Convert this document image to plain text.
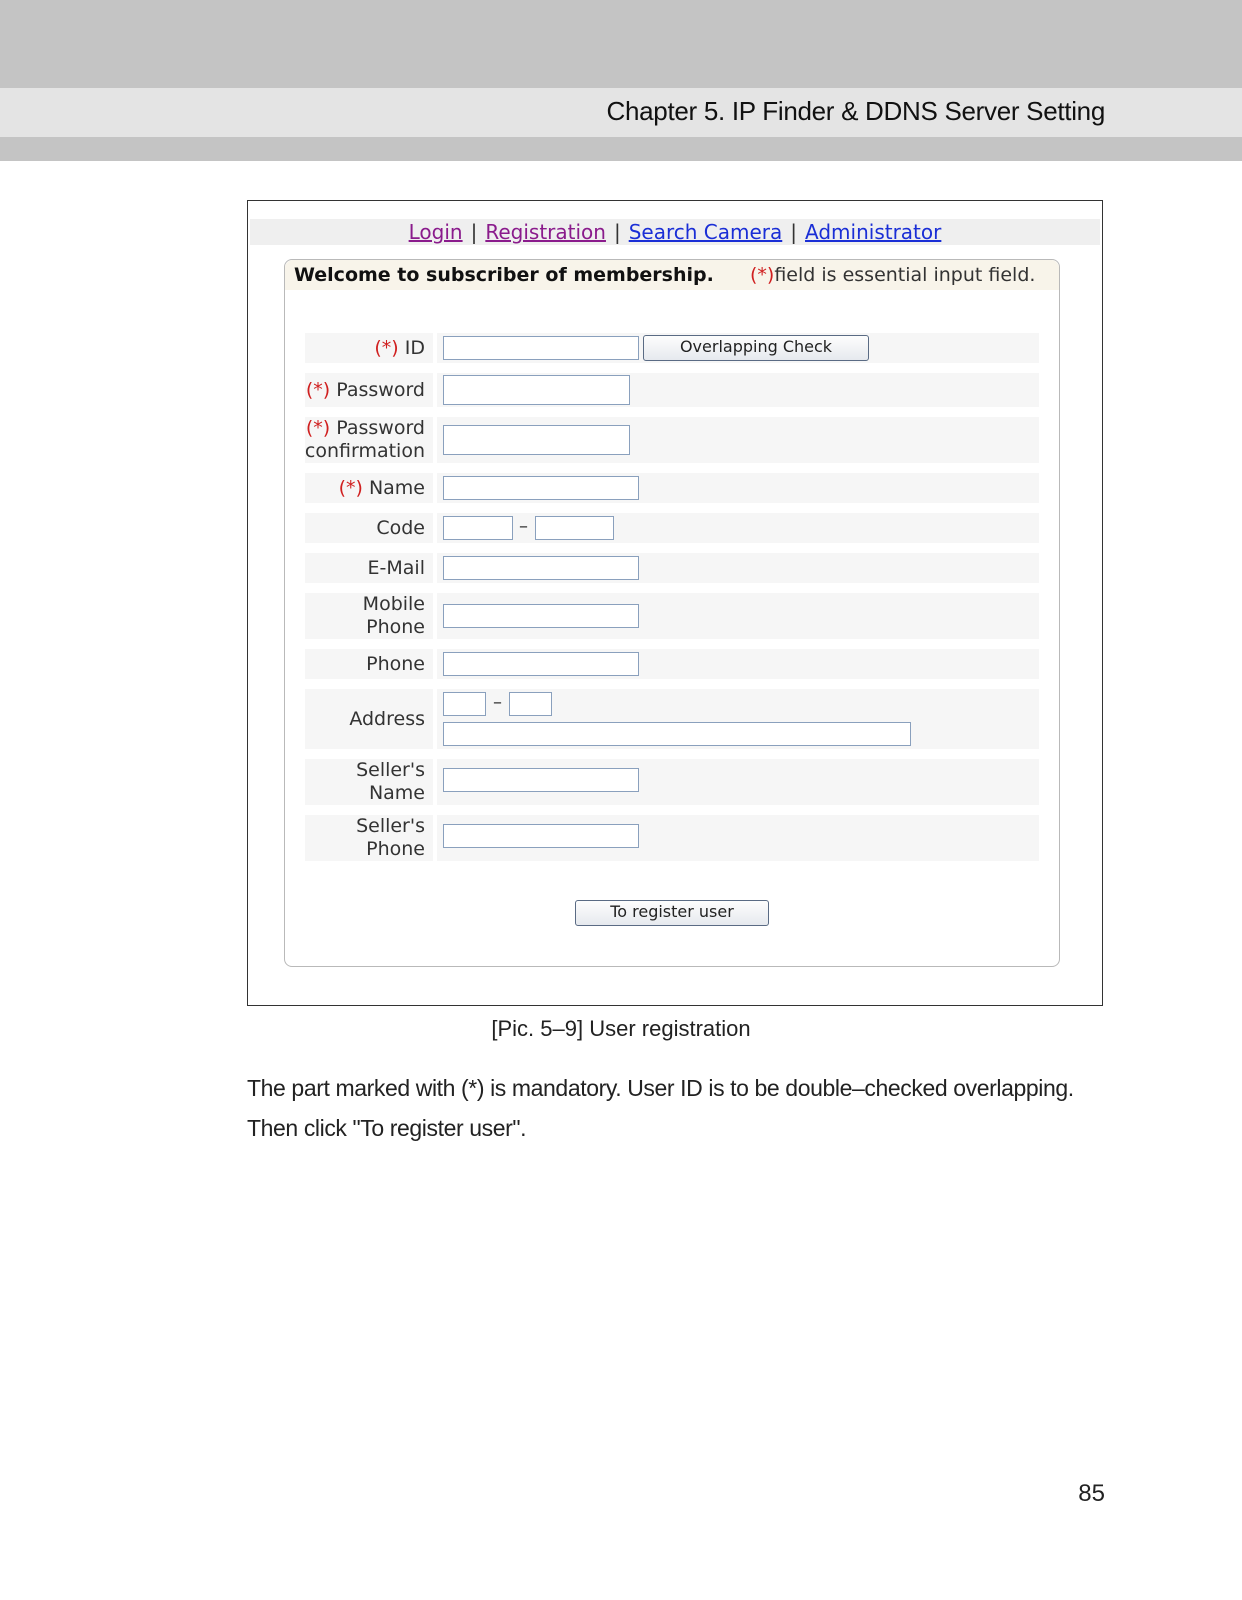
Chapter 5. IP Finder & DDNS Server Setting
Login | Registration | Search Camera | Administrator
Welcome to subscriber of membership. (*)field is essential input field.
(*) ID	Overlapping Check
(*) Password
(*) Password
confirmation
(*) Name
Code	–
E-Mail
Mobile
Phone
Phone
Address
–
Seller's
Name
Seller's
Phone
To register user
[Pic. 5–9] User registration
The part marked with (*) is mandatory. User ID is to be double–checked overlapping.
Then click "To register user".
85
